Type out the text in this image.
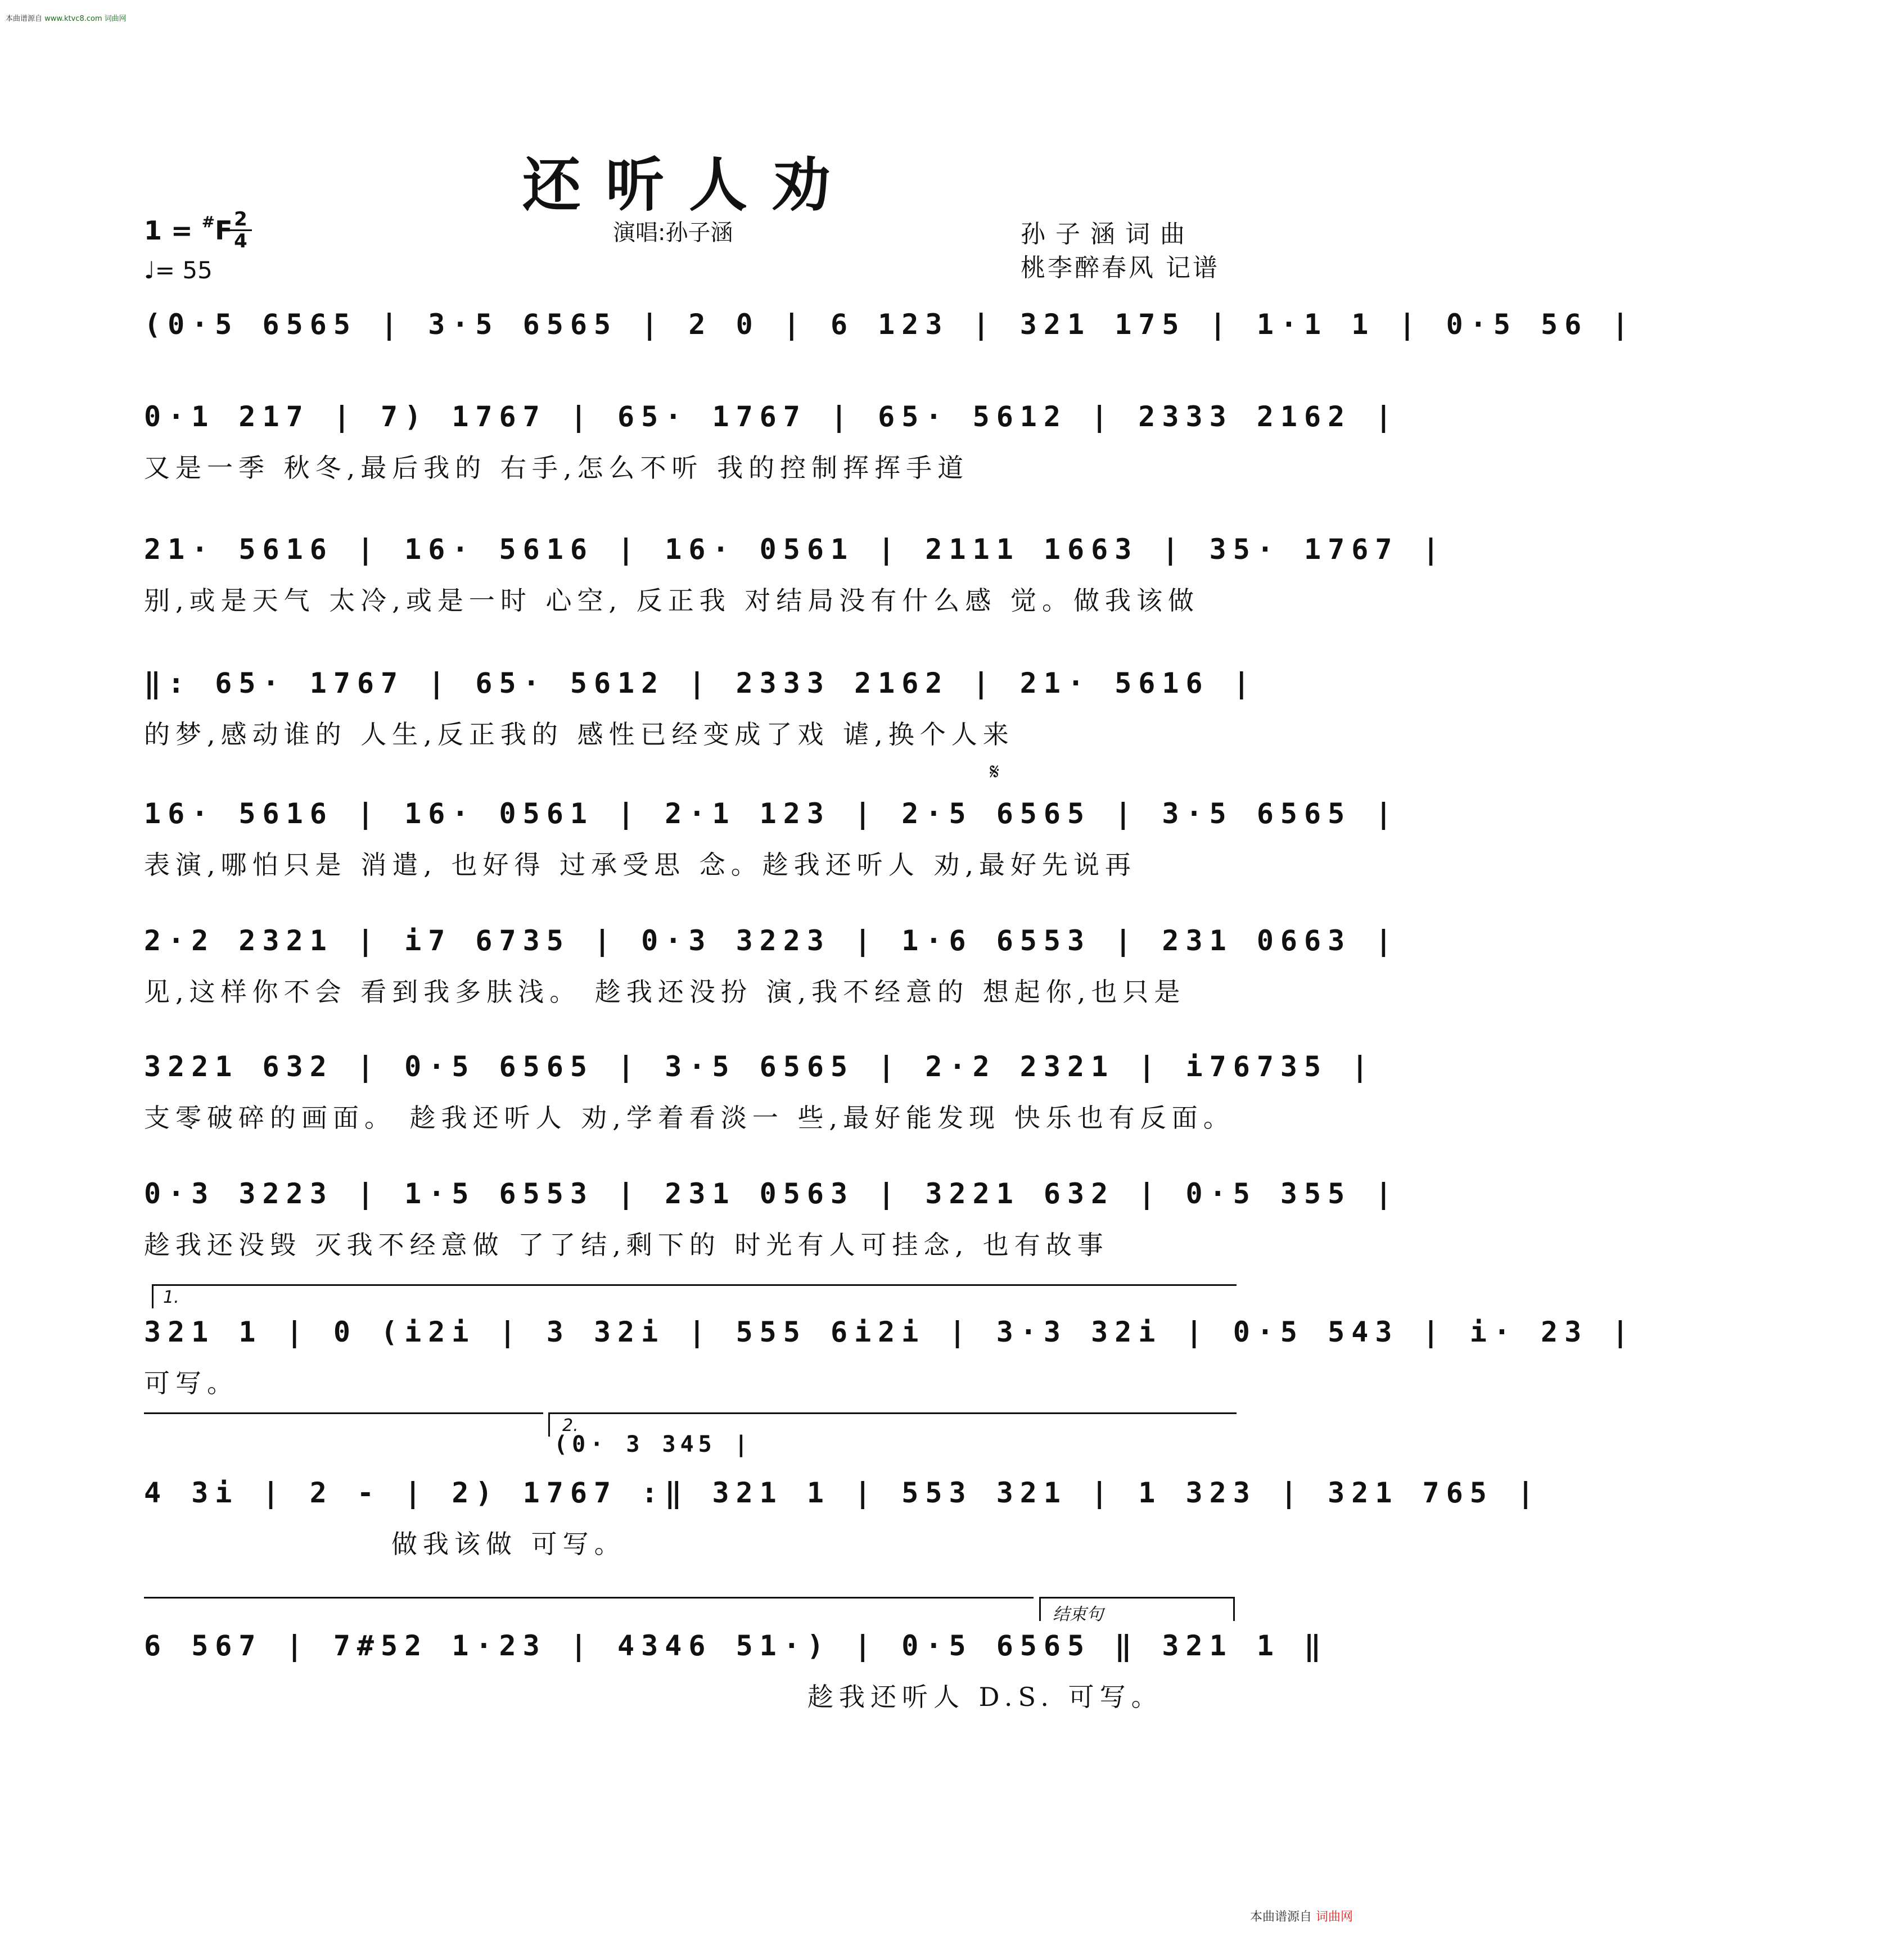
本曲谱源自 www.ktvc8.com 词曲网
还听人劝
1 = #F 2
4
♩= 55
演唱:孙子涵	孙子涵词曲
桃李醉春风 记谱
(0·5 6565 | 3·5 6565 | 2 0 | 6 123 | 321 175 | 1·1 1 | 0·5 56 |
0·1 217 | 7) 1767 | 65· 1767 | 65· 5612 | 2333 2162 |
又是一季 秋冬,最后我的 右手,怎么不听 我的控制挥挥手道
21· 5616 | 16· 5616 | 16· 0561 | 2111 1663 | 35· 1767 |
别,或是天气 太冷,或是一时 心空, 反正我 对结局没有什么感 觉。做我该做
‖: 65· 1767 | 65· 5612 | 2333 2162 | 21· 5616 |
的梦,感动谁的 人生,反正我的 感性已经变成了戏 谑,换个人来
𝄋
16· 5616 | 16· 0561 | 2·1 123 | 2·5 6565 | 3·5 6565 |
表演,哪怕只是 消遣, 也好得 过承受思 念。趁我还听人 劝,最好先说再
2·2 2321 | i7 6735 | 0·3 3223 | 1·6 6553 | 231 0663 |
见,这样你不会 看到我多肤浅。 趁我还没扮 演,我不经意的 想起你,也只是
3221 632 | 0·5 6565 | 3·5 6565 | 2·2 2321 | i76735 |
支零破碎的画面。 趁我还听人 劝,学着看淡一 些,最好能发现 快乐也有反面。
0·3 3223 | 1·5 6553 | 231 0563 | 3221 632 | 0·5 355 |
趁我还没毁 灭我不经意做 了了结,剩下的 时光有人可挂念, 也有故事
1.
321 1 | 0 (i2i | 3 32i | 555 6i2i | 3·3 32i | 0·5 543 | i· 23 |
可写。
2.
(0· 3 345 |
4 3i | 2 - | 2) 1767 :‖ 321 1 | 553 321 | 1 323 | 321 765 |
做我该做 可写。
结束句
6 567 | 7#52 1·23 | 4346 51·) | 0·5 6565 ‖ 321 1 ‖
趁我还听人 D.S. 可写。
本曲谱源自 词曲网
